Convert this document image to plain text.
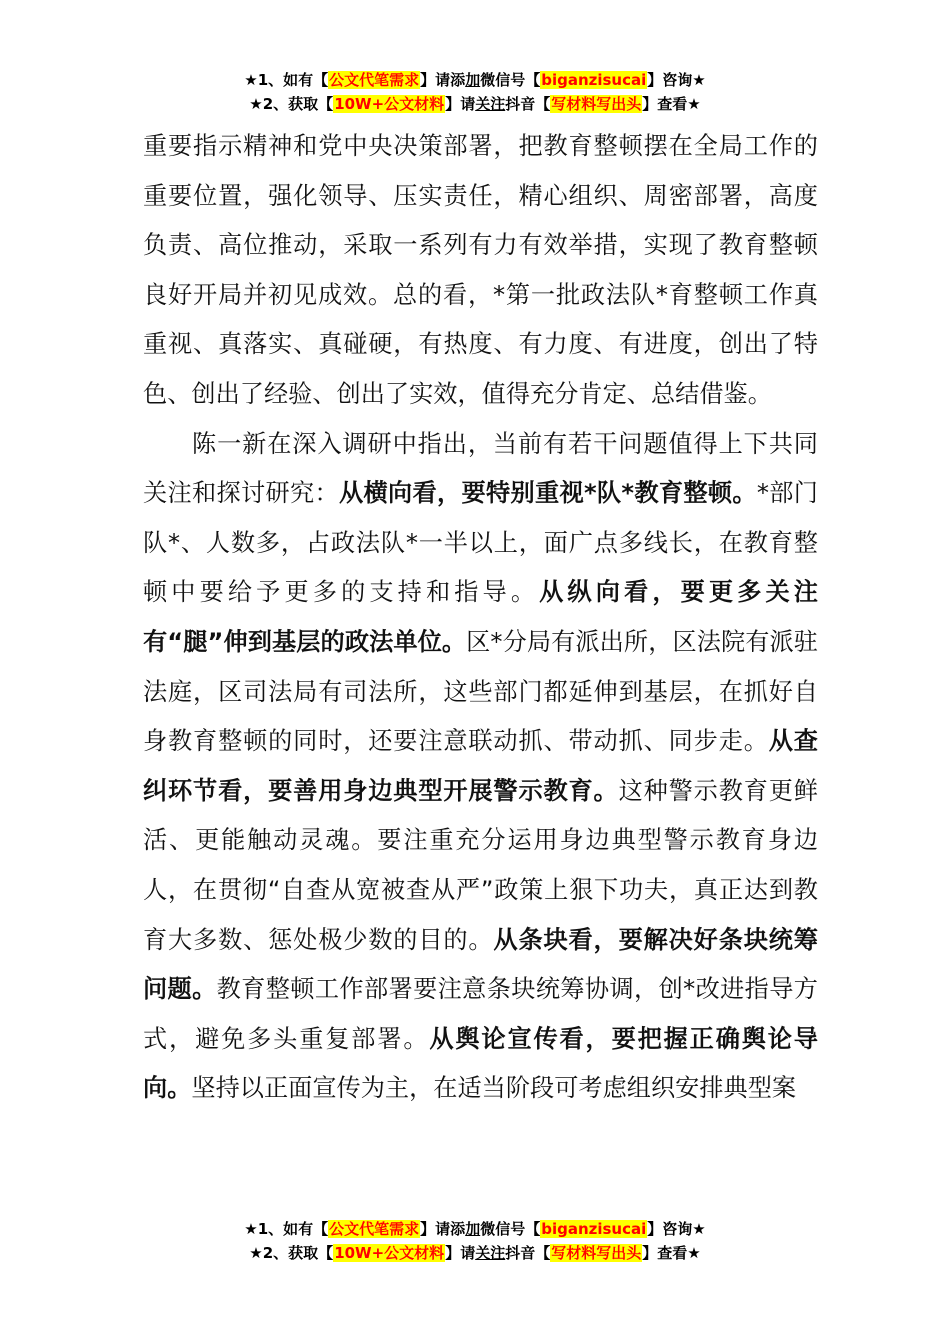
★1、如有【公文代笔需求】请添加微信号【biganzisucai】咨询★
★2、获取【10W+公文材料】请关注抖音【写材料写出头】查看★

重要指示精神和党中央决策部署，把教育整顿摆在全局工作的重要位置，强化领导、压实责任，精心组织、周密部署，高度负责、高位推动，采取一系列有力有效举措，实现了教育整顿良好开局并初见成效。总的看，*第一批政法队*育整顿工作真重视、真落实、真碰硬，有热度、有力度、有进度，创出了特色、创出了经验、创出了实效，值得充分肯定、总结借鉴。

陈一新在深入调研中指出，当前有若干问题值得上下共同关注和探讨研究：从横向看，要特别重视*队*教育整顿。*部门队*、人数多，占政法队*一半以上，面广点多线长，在教育整顿中要给予更多的支持和指导。从纵向看，要更多关注有“腿”伸到基层的政法单位。区*分局有派出所，区法院有派驻法庭，区司法局有司法所，这些部门都延伸到基层，在抓好自身教育整顿的同时，还要注意联动抓、带动抓、同步走。从查纠环节看，要善用身边典型开展警示教育。这种警示教育更鲜活、更能触动灵魂。要注重充分运用身边典型警示教育身边人，在贯彻“自查从宽被查从严”政策上狠下功夫，真正达到教育大多数、惩处极少数的目的。从条块看，要解决好条块统筹问题。教育整顿工作部署要注意条块统筹协调，创*改进指导方式，避免多头重复部署。从舆论宣传看，要把握正确舆论导向。坚持以正面宣传为主，在适当阶段可考虑组织安排典型案

★1、如有【公文代笔需求】请添加微信号【biganzisucai】咨询★
★2、获取【10W+公文材料】请关注抖音【写材料写出头】查看★
